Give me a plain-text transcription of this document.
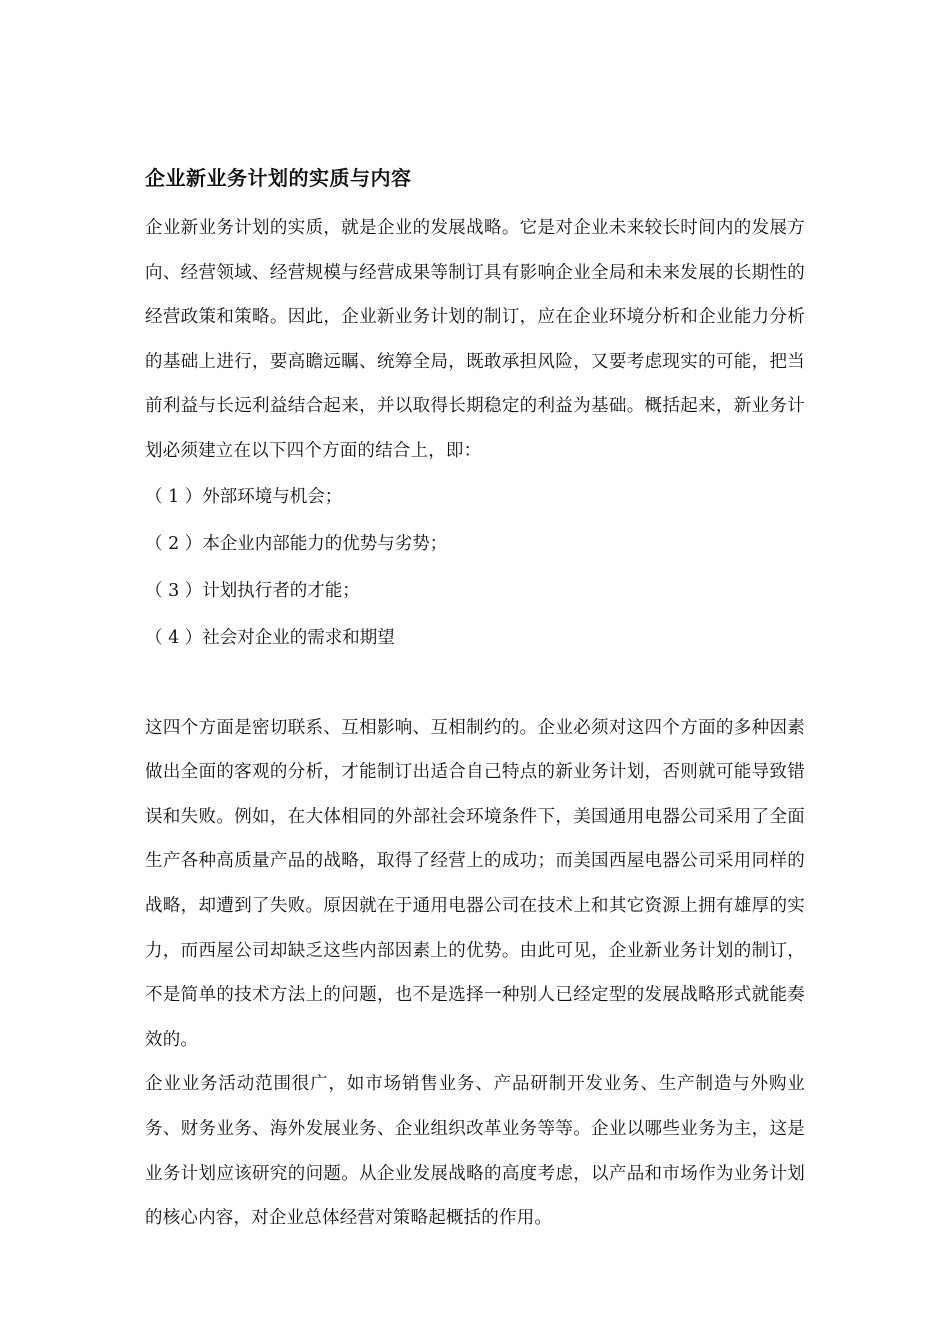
企业新业务计划的实质与内容

企业新业务计划的实质，就是企业的发展战略。它是对企业未来较长时间内的发展方向、经营领域、经营规模与经营成果等制订具有影响企业全局和未来发展的长期性的经营政策和策略。因此，企业新业务计划的制订，应在企业环境分析和企业能力分析的基础上进行，要高瞻远瞩、统筹全局，既敢承担风险，又要考虑现实的可能，把当前利益与长远利益结合起来，并以取得长期稳定的利益为基础。概括起来，新业务计划必须建立在以下四个方面的结合上，即：

（ 1 ）外部环境与机会；
（ 2 ）本企业内部能力的优势与劣势；
（ 3 ）计划执行者的才能；
（ 4 ）社会对企业的需求和期望

这四个方面是密切联系、互相影响、互相制约的。企业必须对这四个方面的多种因素做出全面的客观的分析，才能制订出适合自己特点的新业务计划，否则就可能导致错误和失败。例如，在大体相同的外部社会环境条件下，美国通用电器公司采用了全面生产各种高质量产品的战略，取得了经营上的成功；而美国西屋电器公司采用同样的战略，却遭到了失败。原因就在于通用电器公司在技术上和其它资源上拥有雄厚的实力，而西屋公司却缺乏这些内部因素上的优势。由此可见，企业新业务计划的制订，不是简单的技术方法上的问题，也不是选择一种别人已经定型的发展战略形式就能奏效的。

企业业务活动范围很广，如市场销售业务、产品研制开发业务、生产制造与外购业务、财务业务、海外发展业务、企业组织改革业务等等。企业以哪些业务为主，这是业务计划应该研究的问题。从企业发展战略的高度考虑，以产品和市场作为业务计划的核心内容，对企业总体经营对策略起概括的作用。
